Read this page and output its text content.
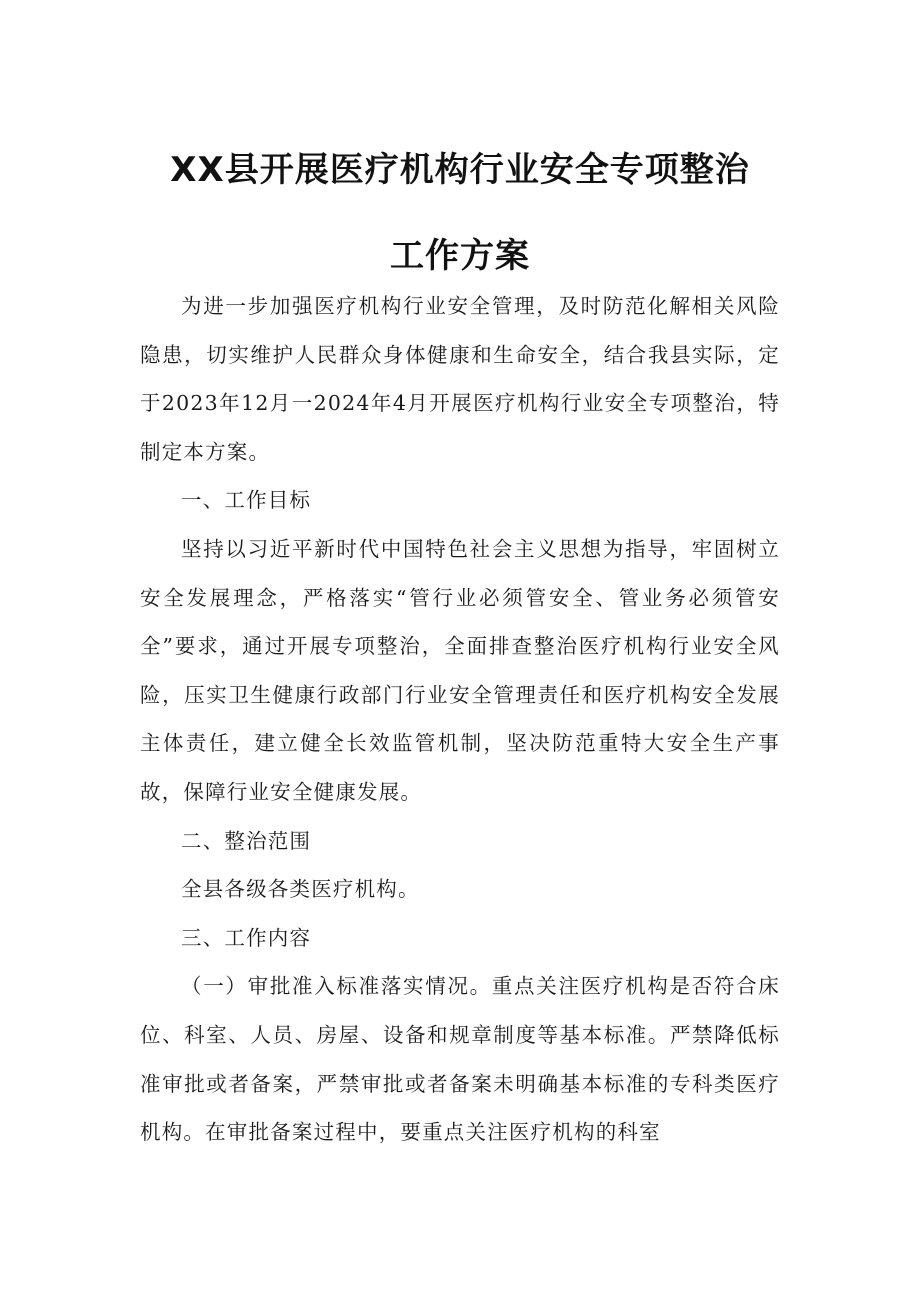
XX县开展医疗机构行业安全专项整治
工作方案

为进一步加强医疗机构行业安全管理，及时防范化解相关风险隐患，切实维护人民群众身体健康和生命安全，结合我县实际，定于2023年12月一2024年4月开展医疗机构行业安全专项整治，特制定本方案。

一、工作目标

坚持以习近平新时代中国特色社会主义思想为指导，牢固树立安全发展理念，严格落实“管行业必须管安全、管业务必须管安全”要求，通过开展专项整治，全面排查整治医疗机构行业安全风险，压实卫生健康行政部门行业安全管理责任和医疗机构安全发展主体责任，建立健全长效监管机制，坚决防范重特大安全生产事故，保障行业安全健康发展。

二、整治范围

全县各级各类医疗机构。

三、工作内容

（一）审批准入标准落实情况。重点关注医疗机构是否符合床位、科室、人员、房屋、设备和规章制度等基本标准。严禁降低标准审批或者备案，严禁审批或者备案未明确基本标准的专科类医疗机构。在审批备案过程中，要重点关注医疗机构的科室
